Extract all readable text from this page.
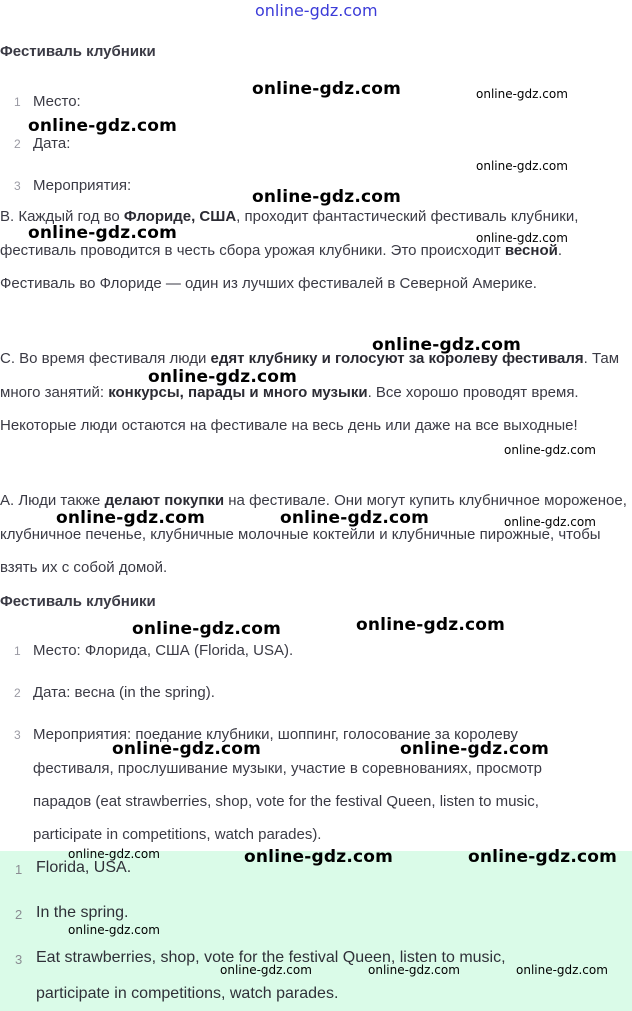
online-gdz.com
Фестиваль клубники
1 Место:
2 Дата:
3 Мероприятия:
B. Каждый год во Флориде, США, проходит фантастический фестиваль клубники, фестиваль проводится в честь сбора урожая клубники. Это происходит весной. Фестиваль во Флориде — один из лучших фестивалей в Северной Америке.
C. Во время фестиваля люди едят клубнику и голосуют за королеву фестиваля. Там много занятий: конкурсы, парады и много музыки. Все хорошо проводят время. Некоторые люди остаются на фестивале на весь день или даже на все выходные!
A. Люди также делают покупки на фестивале. Они могут купить клубничное мороженое, клубничное печенье, клубничные молочные коктейли и клубничные пирожные, чтобы взять их с собой домой.
Фестиваль клубники
1 Место: Флорида, США (Florida, USA).
2 Дата: весна (in the spring).
3 Мероприятия: поедание клубники, шоппинг, голосование за королеву
фестиваля, прослушивание музыки, участие в соревнованиях, просмотр
парадов (eat strawberries, shop, vote for the festival Queen, listen to music,
participate in competitions, watch parades).
1 Florida, USA.
2 In the spring.
3 Eat strawberries, shop, vote for the festival Queen, listen to music,
participate in competitions, watch parades.
online-gdz.com	online-gdz.com
online-gdz.com
online-gdz.com
online-gdz.com
online-gdz.com	online-gdz.com
online-gdz.com
online-gdz.com
online-gdz.com
online-gdz.com	online-gdz.com	online-gdz.com
online-gdz.com
online-gdz.com
online-gdz.com	online-gdz.com
online-gdz.com	online-gdz.com	online-gdz.com
online-gdz.com
online-gdz.com	online-gdz.com	online-gdz.com
